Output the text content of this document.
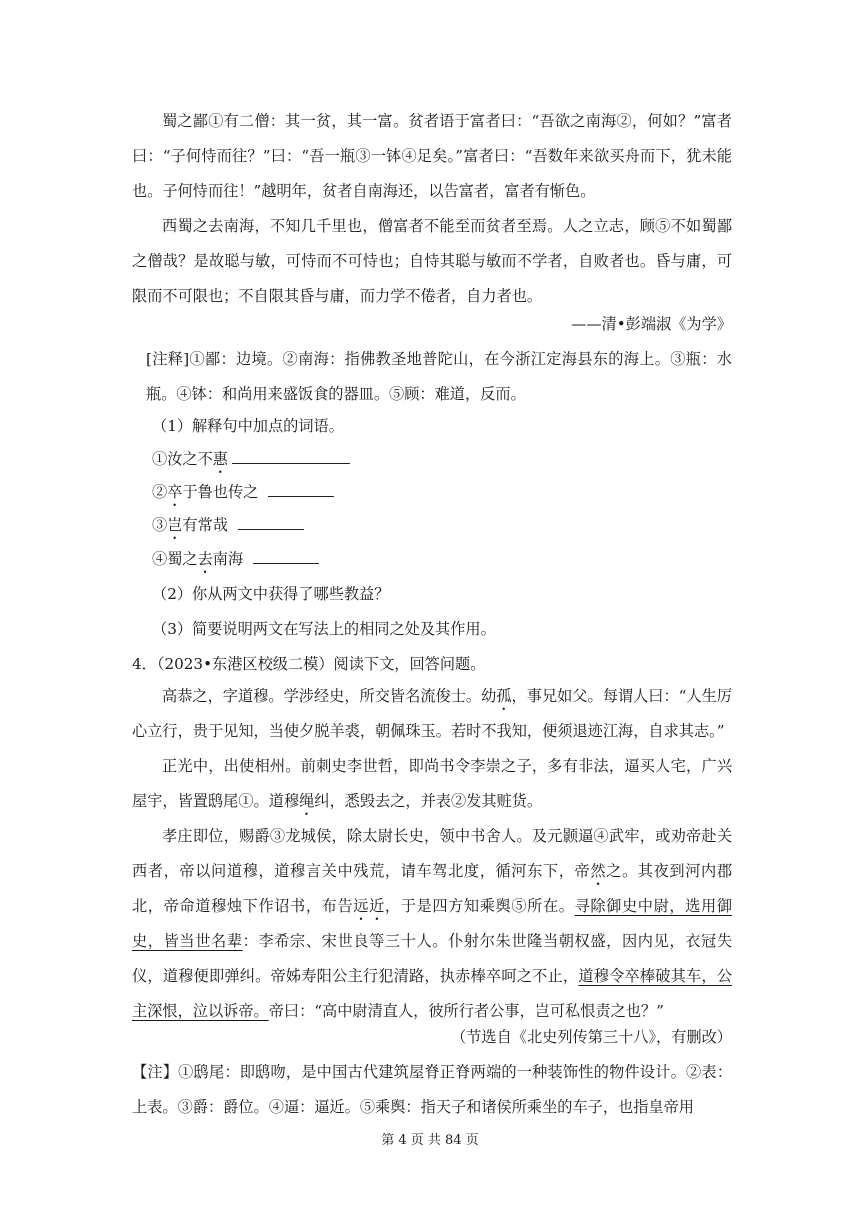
蜀之鄙①有二僧：其一贫，其一富。贫者语于富者曰：“吾欲之南海②，何如？”富者曰：“子何恃而往？”曰：“吾一瓶③一钵④足矣。”富者曰：“吾数年来欲买舟而下，犹未能也。子何恃而往！”越明年，贫者自南海还，以告富者，富者有惭色。
西蜀之去南海，不知几千里也，僧富者不能至而贫者至焉。人之立志，顾⑤不如蜀鄙之僧哉？是故聪与敏，可恃而不可恃也；自恃其聪与敏而不学者，自败者也。昏与庸，可限而不可限也；不自限其昏与庸，而力学不倦者，自力者也。
——清•彭端淑《为学》
[注释]①鄙：边境。②南海：指佛教圣地普陀山，在今浙江定海县东的海上。③瓶：水瓶。④钵：和尚用来盛饭食的器皿。⑤顾：难道，反而。
（1）解释句中加点的词语。
①汝之不惠
②卒于鲁也传之
③岂有常哉
④蜀之去南海
（2）你从两文中获得了哪些教益？
（3）简要说明两文在写法上的相同之处及其作用。
4．（2023•东港区校级二模）阅读下文，回答问题。
高恭之，字道穆。学涉经史，所交皆名流俊士。幼孤，事兄如父。每谓人曰：“人生厉心立行，贵于见知，当使夕脱羊裘，朝佩珠玉。若时不我知，便须退迹江海，自求其志。”
正光中，出使相州。前刺史李世哲，即尚书令李崇之子，多有非法，逼买人宅，广兴屋宇，皆置鸱尾①。道穆绳纠，悉毁去之，并表②发其赃货。
孝庄即位，赐爵③龙城侯，除太尉长史，领中书舍人。及元颢逼④武牢，或劝帝赴关西者，帝以问道穆，道穆言关中残荒，请车驾北度，循河东下，帝然之。其夜到河内郡北，帝命道穆烛下作诏书，布告远近，于是四方知乘舆⑤所在。寻除御史中尉，选用御史，皆当世名辈：李希宗、宋世良等三十人。仆射尔朱世隆当朝权盛，因内见，衣冠失仪，道穆便即弹纠。帝姊寿阳公主行犯清路，执赤棒卒呵之不止，道穆令卒棒破其车，公主深恨，泣以诉帝。帝曰：“高中尉清直人，彼所行者公事，岂可私恨责之也？”
（节选自《北史列传第三十八》，有删改）
【注】①鸱尾：即鸱吻，是中国古代建筑屋脊正脊两端的一种装饰性的物件设计。②表：上表。③爵：爵位。④逼：逼近。⑤乘舆：指天子和诸侯所乘坐的车子，也指皇帝用
第 4 页 共 84 页
